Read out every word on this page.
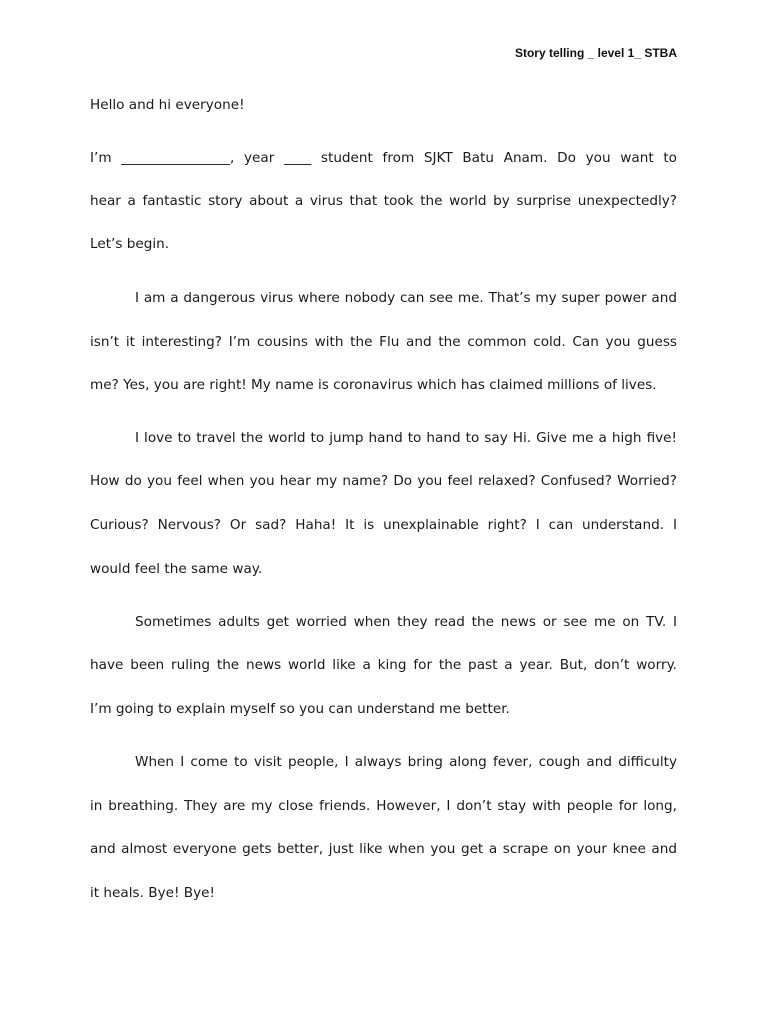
Story telling _ level 1_ STBA
Hello and hi everyone!
I’m ________________, year ____ student from SJKT Batu Anam. Do you want to
hear a fantastic story about a virus that took the world by surprise unexpectedly?
Let’s begin.
I am a dangerous virus where nobody can see me. That’s my super power and
isn’t it interesting? I’m cousins with the Flu and the common cold. Can you guess
me? Yes, you are right! My name is coronavirus which has claimed millions of lives.
I love to travel the world to jump hand to hand to say Hi. Give me a high five!
How do you feel when you hear my name? Do you feel relaxed? Confused? Worried?
Curious? Nervous? Or sad? Haha! It is unexplainable right? I can understand. I
would feel the same way.
Sometimes adults get worried when they read the news or see me on TV. I
have been ruling the news world like a king for the past a year. But, don’t worry.
I’m going to explain myself so you can understand me better.
When I come to visit people, I always bring along fever, cough and difficulty
in breathing. They are my close friends. However, I don’t stay with people for long,
and almost everyone gets better, just like when you get a scrape on your knee and
it heals. Bye! Bye!
